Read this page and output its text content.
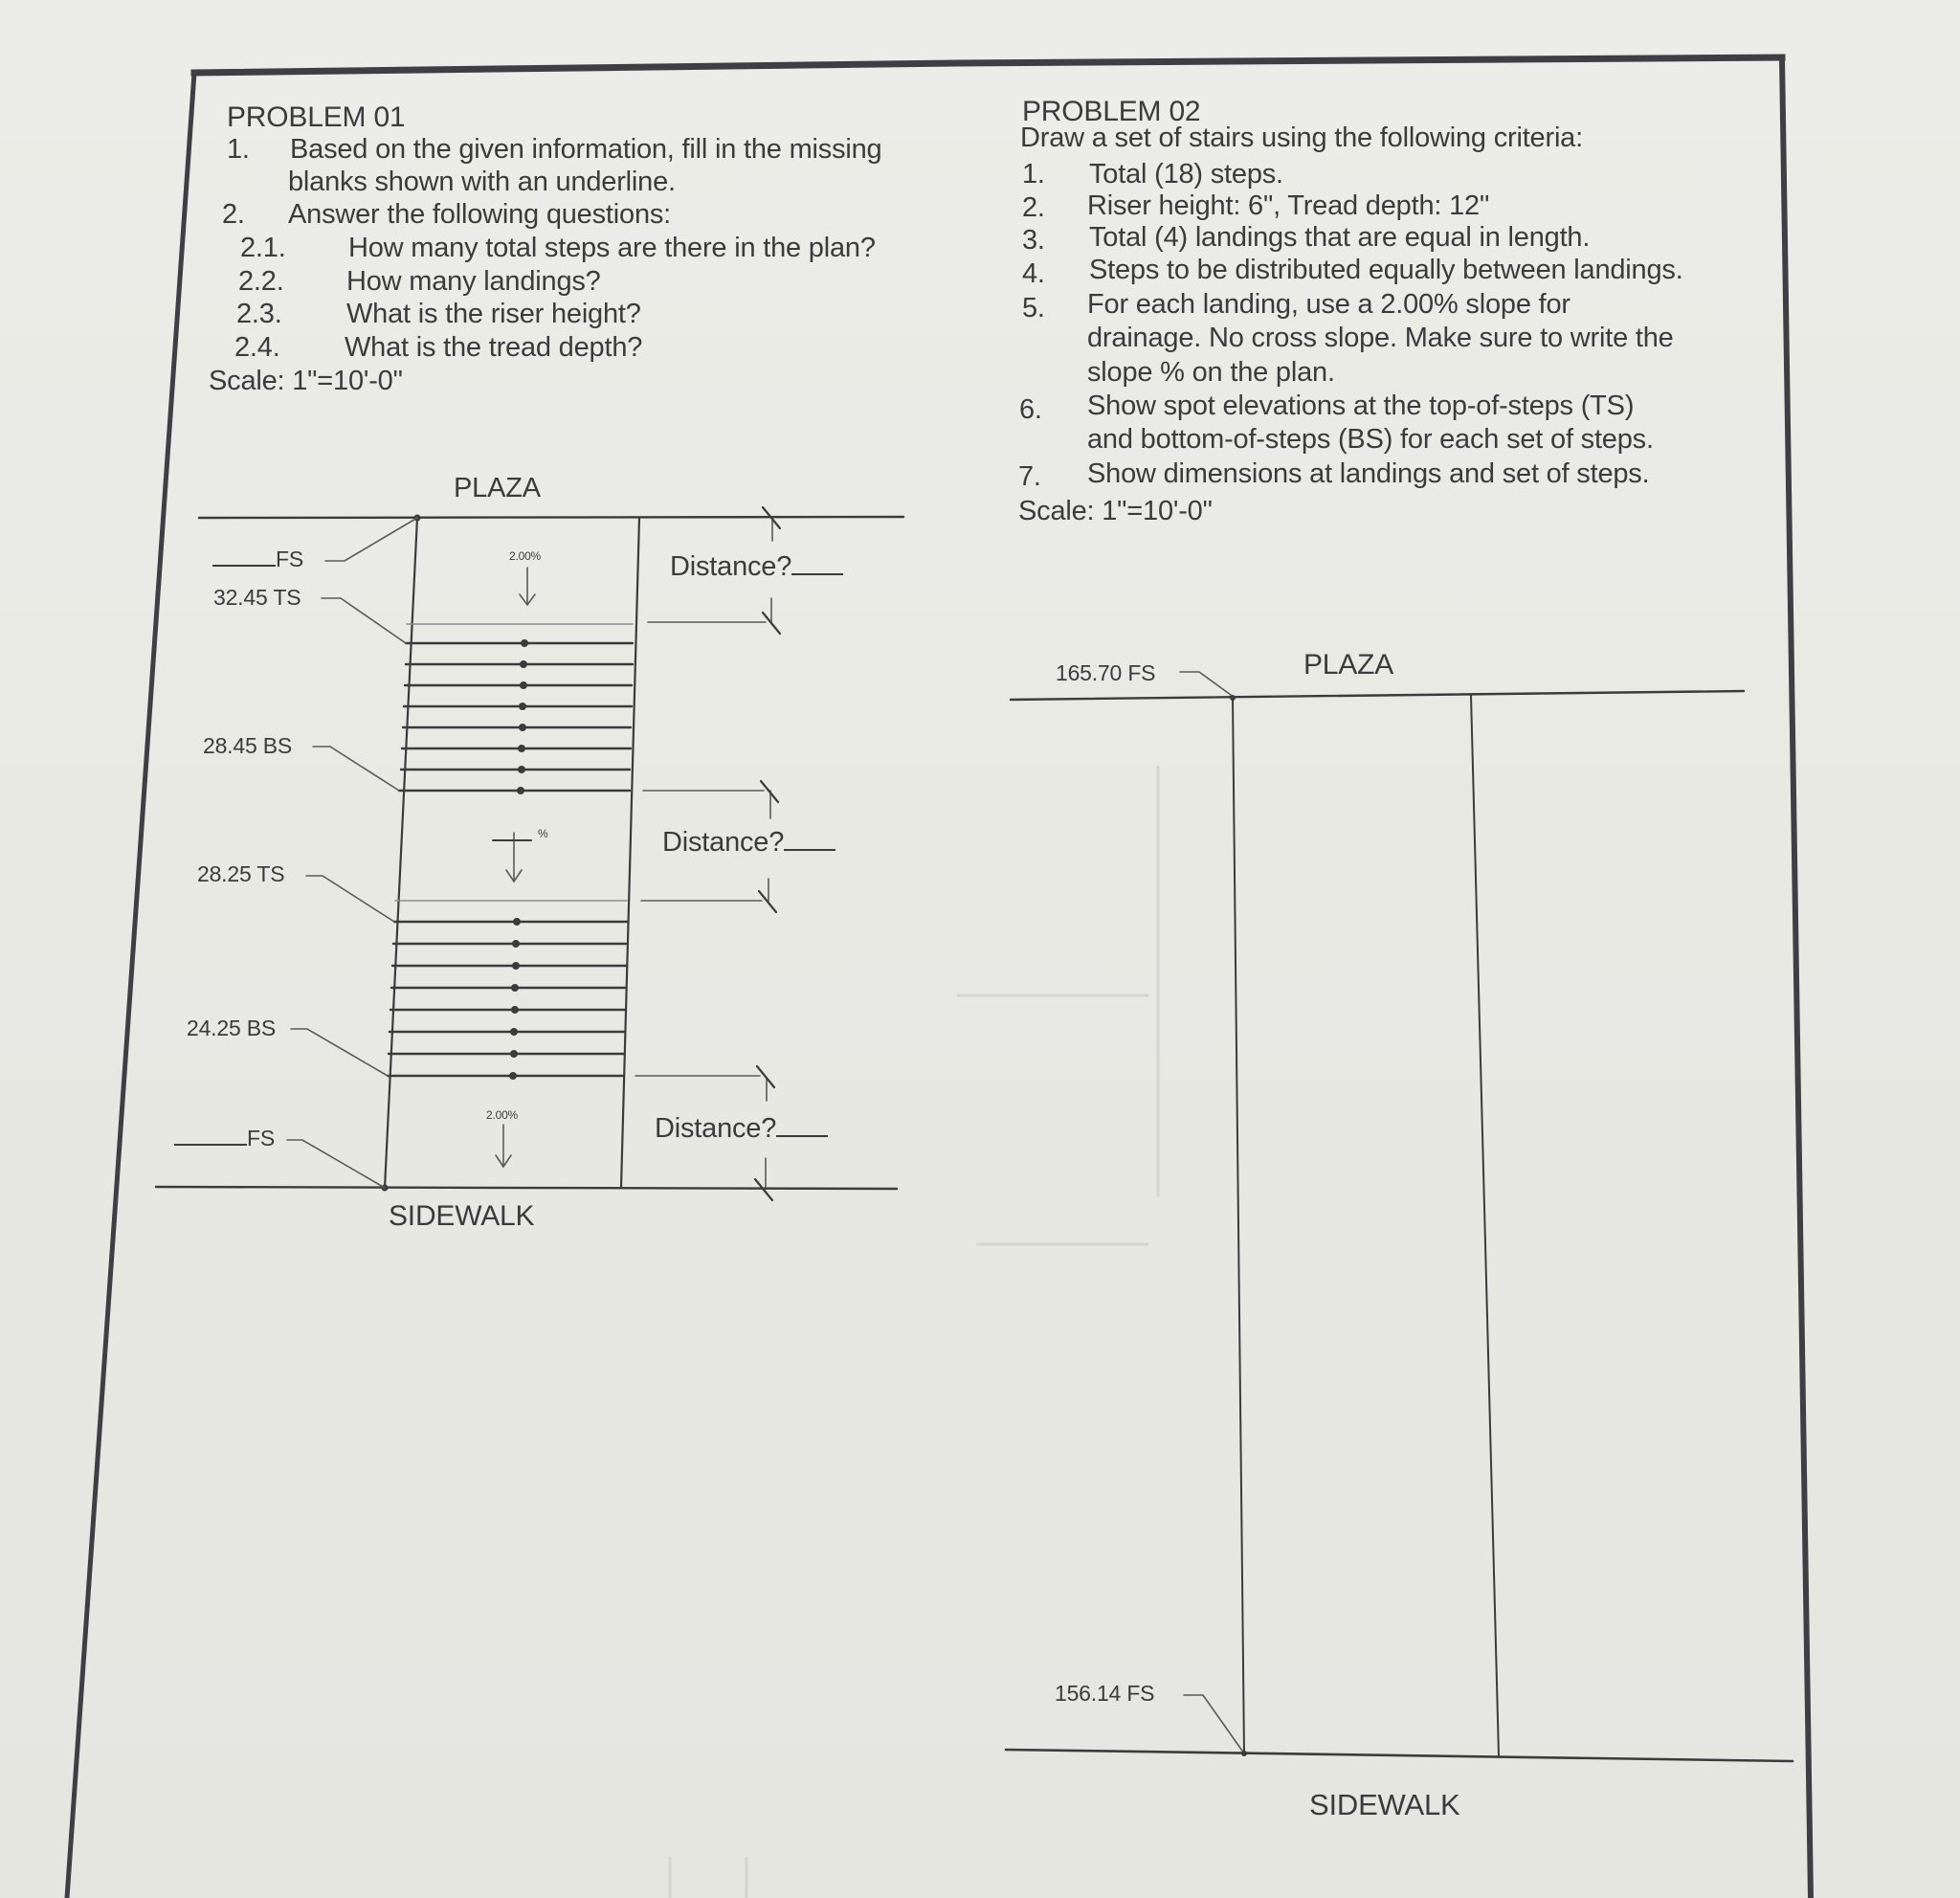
PROBLEM 01
1. Based on the given information, fill in the missing
blanks shown with an underline.
2. Answer the following questions:
2.1. How many total steps are there in the plan?
2.2. How many landings?
2.3. What is the riser height?
2.4. What is the tread depth?
Scale: 1"=10'-0"
PLAZA
SIDEWALK
FS
32.45 TS
28.45 BS
28.25 TS
24.25 BS
FS
2.00%
%
2.00%
Distance?
Distance?
Distance?
PROBLEM 02
Draw a set of stairs using the following criteria:
1. Total (18) steps.
2. Riser height: 6", Tread depth: 12"
3. Total (4) landings that are equal in length.
4. Steps to be distributed equally between landings.
5. For each landing, use a 2.00% slope for
drainage. No cross slope. Make sure to write the
slope % on the plan.
6. Show spot elevations at the top-of-steps (TS)
and bottom-of-steps (BS) for each set of steps.
7. Show dimensions at landings and set of steps.
Scale: 1"=10'-0"
165.70 FS	PLAZA
156.14 FS
SIDEWALK
